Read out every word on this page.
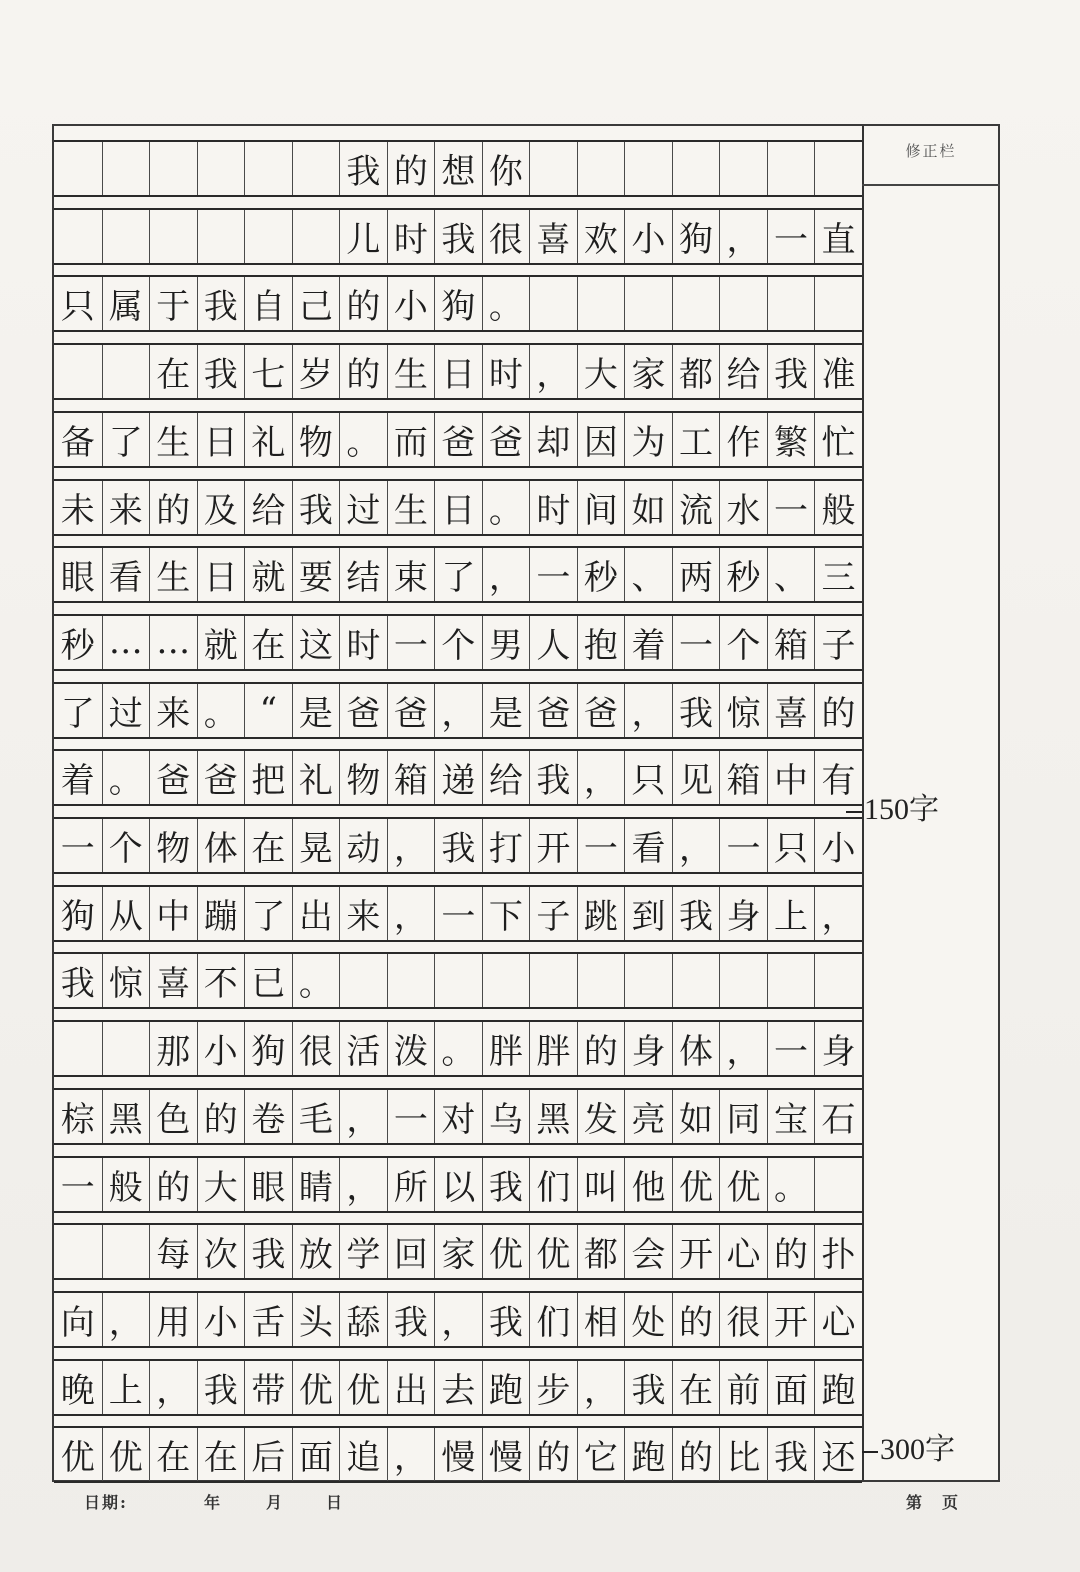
我 的 想 你
儿 时 我 很 喜 欢 小 狗 ， 一 直
只 属 于 我 自 己 的 小 狗 。
在 我 七 岁 的 生 日 时 ， 大 家 都 给 我 准
备 了 生 日 礼 物 。 而 爸 爸 却 因 为 工 作 繁 忙
未 来 的 及 给 我 过 生 日 。 时 间 如 流 水 一 般
眼 看 生 日 就 要 结 束 了 ， 一 秒 、 两 秒 、 三
秒 … … 就 在 这 时 一 个 男 人 抱 着 一 个 箱 子
了 过 来 。 “ 是 爸 爸 ， 是 爸 爸 ， 我 惊 喜 的
着 。 爸 爸 把 礼 物 箱 递 给 我 ， 只 见 箱 中 有
一 个 物 体 在 晃 动 ， 我 打 开 一 看 ， 一 只 小
狗 从 中 蹦 了 出 来 ， 一 下 子 跳 到 我 身 上 ，
我 惊 喜 不 已 。
那 小 狗 很 活 泼 。 胖 胖 的 身 体 ， 一 身
棕 黑 色 的 卷 毛 ， 一 对 乌 黑 发 亮 如 同 宝 石
一 般 的 大 眼 睛 ， 所 以 我 们 叫 他 优 优 。
每 次 我 放 学 回 家 优 优 都 会 开 心 的 扑
向 ， 用 小 舌 头 舔 我 ， 我 们 相 处 的 很 开 心
晚 上 ， 我 带 优 优 出 去 跑 步 ， 我 在 前 面 跑
优 优 在 在 后 面 追 ， 慢 慢 的 它 跑 的 比 我 还
修正栏
150字
300字
日期:	年	月	日	第　页
